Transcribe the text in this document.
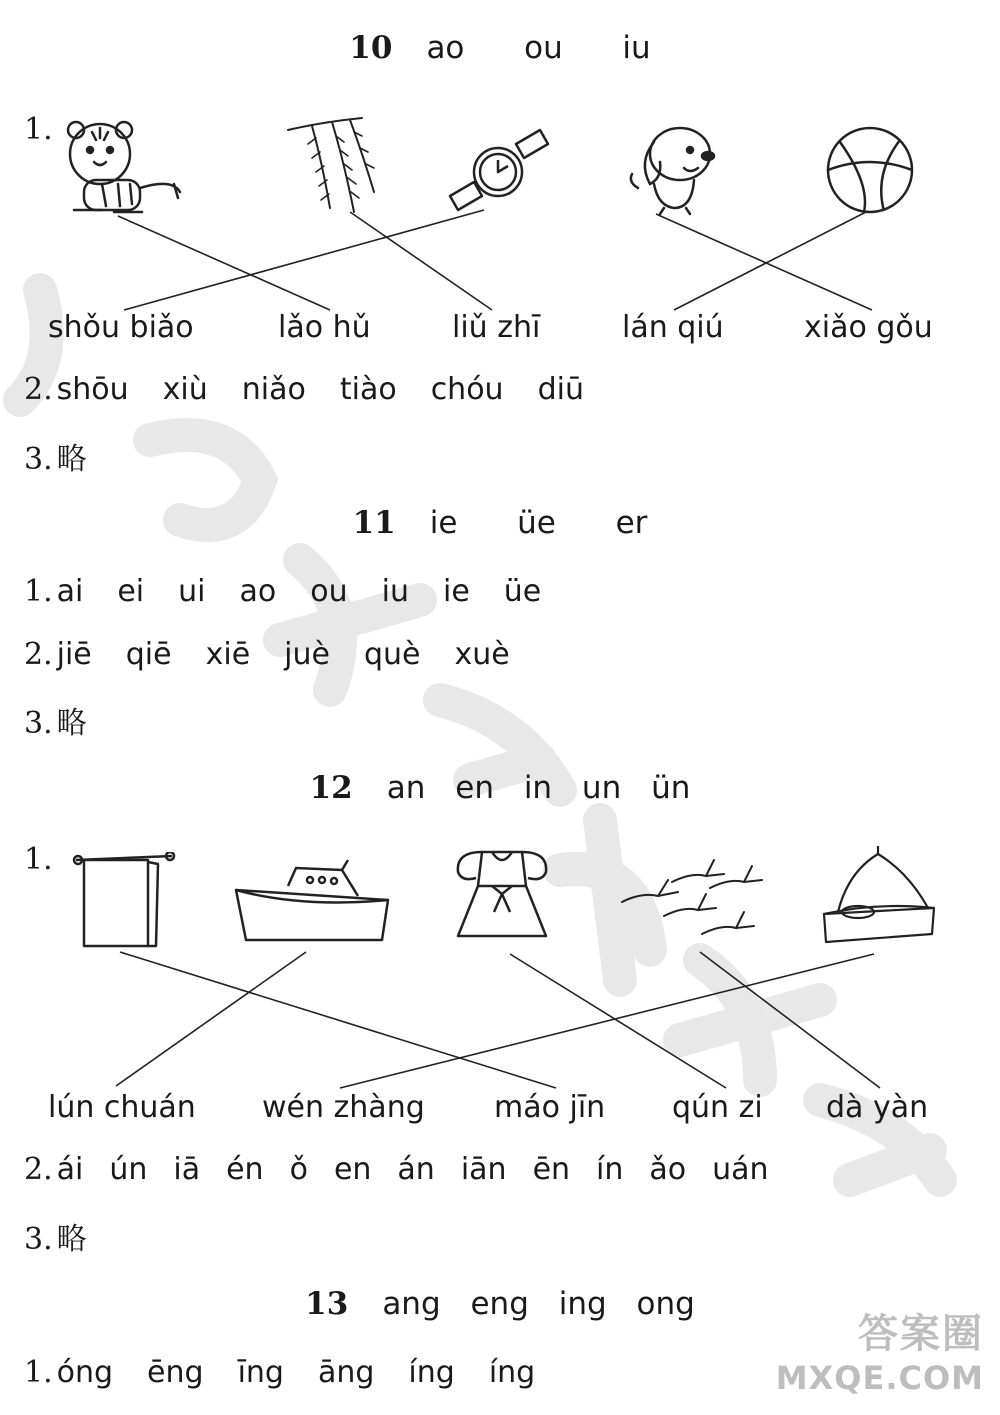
10 ao  ou  iu
1.
shǒu biǎo	lǎo hǔ	liǔ zhī	lán qiú	xiǎo gǒu
2. shōu xiù niǎo tiào chóu diū
3. 略
11 ie  üe  er
1. ai ei ui ao ou iu ie üe
2. jiē qiē xiē juè què xuè
3. 略
12 an en in un ün
1.
lún chuán wén zhàng máo jīn qún zi dà yàn
2. ái ún iā én ǒ en án iān ēn ín ǎo uán
3. 略
13 ang eng ing ong
1. óng ēng īng āng íng íng
答案圈
MXQE.COM
